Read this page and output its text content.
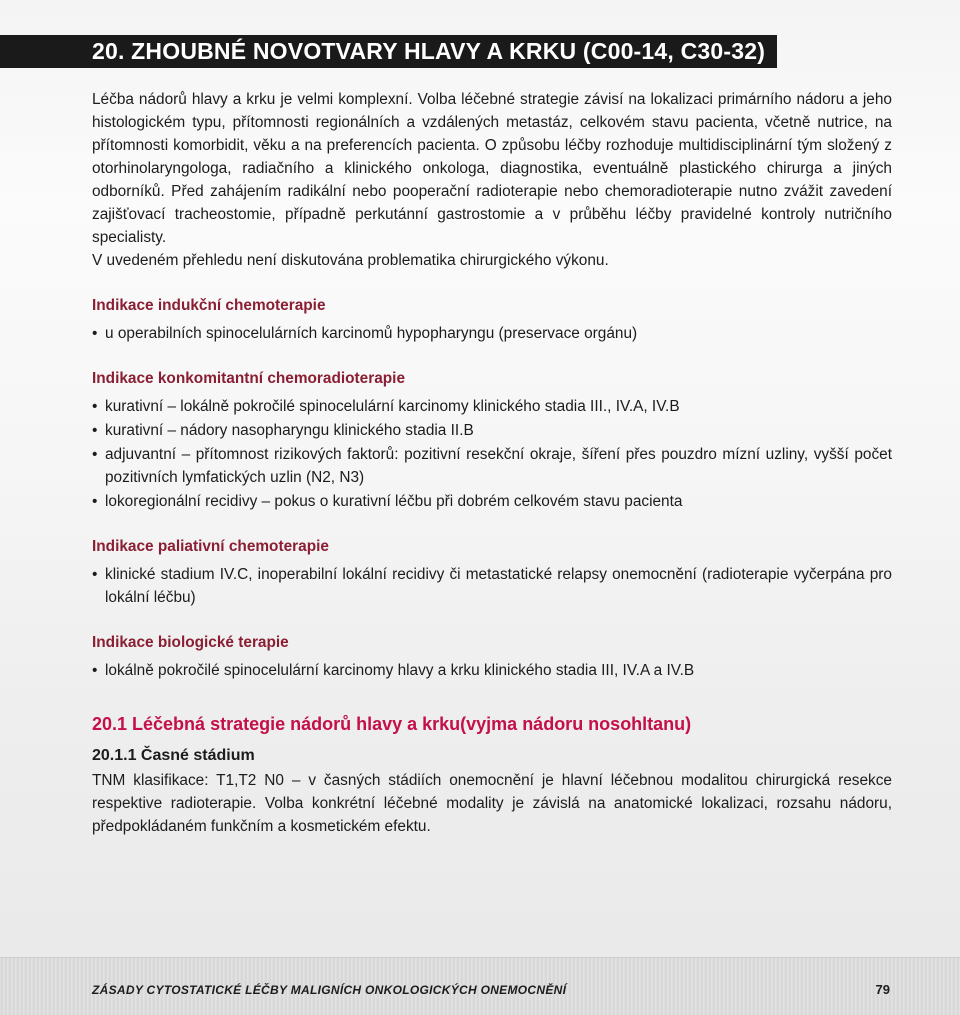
20. ZHOUBNÉ NOVOTVARY HLAVY A KRKU (C00-14, C30-32)

Léčba nádorů hlavy a krku je velmi komplexní. Volba léčebné strategie závisí na lokalizaci primárního nádoru a jeho histologickém typu, přítomnosti regionálních a vzdálených metastáz, celkovém stavu pacienta, včetně nutrice, na přítomnosti komorbidit, věku a na preferencích pacienta. O způsobu léčby rozhoduje multidisciplinární tým složený z otorhinolaryngologa, radiačního a klinického onkologa, diagnostika, eventuálně plastického chirurga a jiných odborníků. Před zahájením radikální nebo pooperační radioterapie nebo chemoradioterapie nutno zvážit zavedení zajišťovací tracheostomie, případně perkutánní gastrostomie a v průběhu léčby pravidelné kontroly nutričního specialisty.

V uvedeném přehledu není diskutována problematika chirurgického výkonu.

Indikace indukční chemoterapie
• u operabilních spinocelulárních karcinomů hypopharyngu (preservace orgánu)
Indikace konkomitantní chemoradioterapie
• kurativní – lokálně pokročilé spinocelulární karcinomy klinického stadia III., IV.A, IV.B
• kurativní – nádory nasopharyngu klinického stadia II.B
• adjuvantní – přítomnost rizikových faktorů: pozitivní resekční okraje, šíření přes pouzdro mízní uzliny, vyšší počet pozitivních lymfatických uzlin (N2, N3)
• lokoregionální recidivy – pokus o kurativní léčbu při dobrém celkovém stavu pacienta
Indikace paliativní chemoterapie
• klinické stadium IV.C, inoperabilní lokální recidivy či metastatické relapsy onemocnění (radioterapie vyčerpána pro lokální léčbu)
Indikace biologické terapie
• lokálně pokročilé spinocelulární karcinomy hlavy a krku klinického stadia III, IV.A a IV.B
20.1 Léčebná strategie nádorů hlavy a krku(vyjma nádoru nosohltanu)
20.1.1 Časné stádium

TNM klasifikace: T1,T2 N0 – v časných stádiích onemocnění je hlavní léčebnou modalitou chirurgická resekce respektive radioterapie. Volba konkrétní léčebné modality je závislá na anatomické lokalizaci, rozsahu nádoru, předpokládaném funkčním a kosmetickém efektu.

ZÁSADY CYTOSTATICKÉ LÉČBY MALIGNÍCH ONKOLOGICKÝCH ONEMOCNĚNÍ	79
